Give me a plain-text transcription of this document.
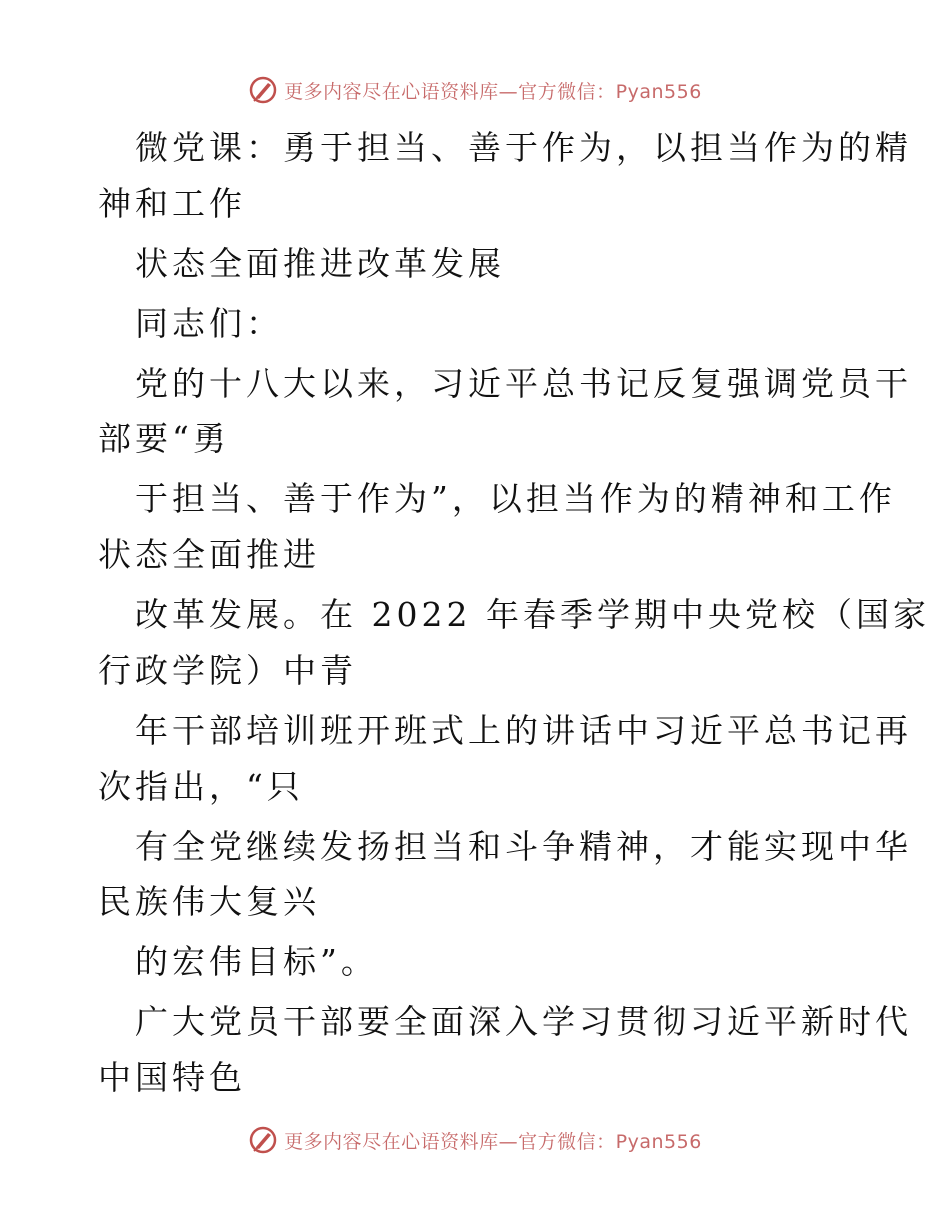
更多内容尽在心语资料库—官方微信：Pyan556
微党课：勇于担当、善于作为，以担当作为的精
神和工作
状态全面推进改革发展
同志们：
党的十八大以来，习近平总书记反复强调党员干
部要“勇
于担当、善于作为”，以担当作为的精神和工作
状态全面推进
改革发展。在 2022 年春季学期中央党校（国家
行政学院）中青
年干部培训班开班式上的讲话中习近平总书记再
次指出，“只
有全党继续发扬担当和斗争精神，才能实现中华
民族伟大复兴
的宏伟目标”。
广大党员干部要全面深入学习贯彻习近平新时代
中国特色
更多内容尽在心语资料库—官方微信：Pyan556
